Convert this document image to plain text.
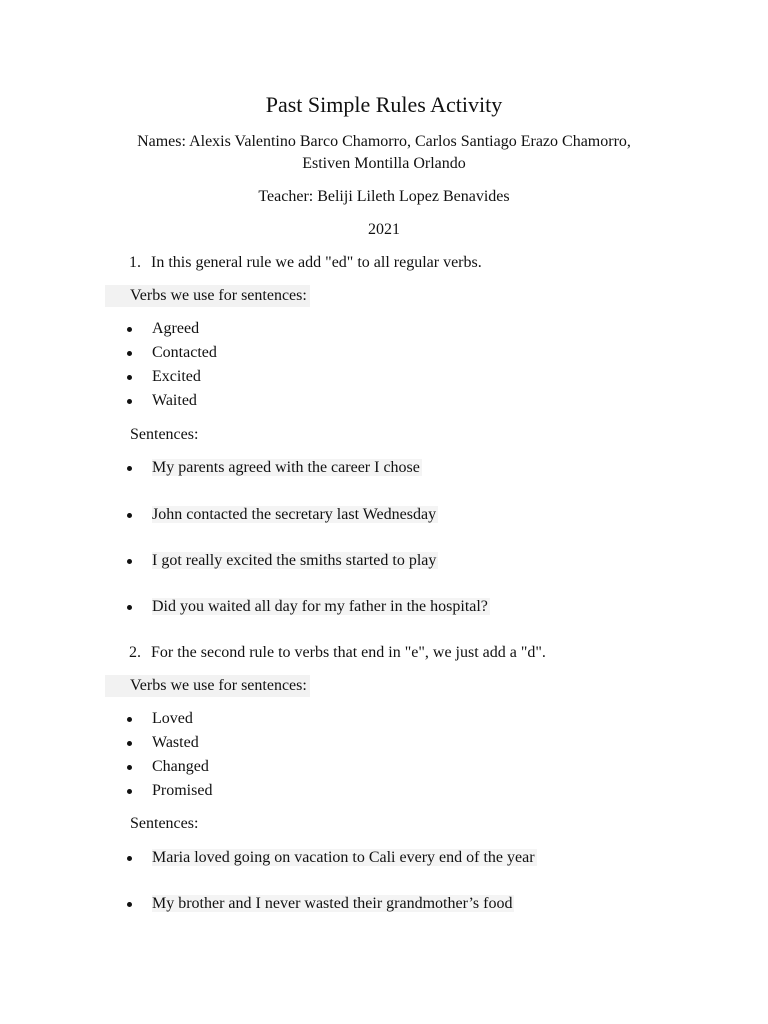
Past Simple Rules Activity
Names: Alexis Valentino Barco Chamorro, Carlos Santiago Erazo Chamorro,
Estiven Montilla Orlando
Teacher: Beliji Lileth Lopez Benavides
2021
1. In this general rule we add "ed" to all regular verbs.
Verbs we use for sentences:
Agreed
Contacted
Excited
Waited
Sentences:
My parents agreed with the career I chose
John contacted the secretary last Wednesday
I got really excited the smiths started to play
Did you waited all day for my father in the hospital?
2. For the second rule to verbs that end in "e", we just add a "d".
Verbs we use for sentences:
Loved
Wasted
Changed
Promised
Sentences:
Maria loved going on vacation to Cali every end of the year
My brother and I never wasted their grandmother’s food
